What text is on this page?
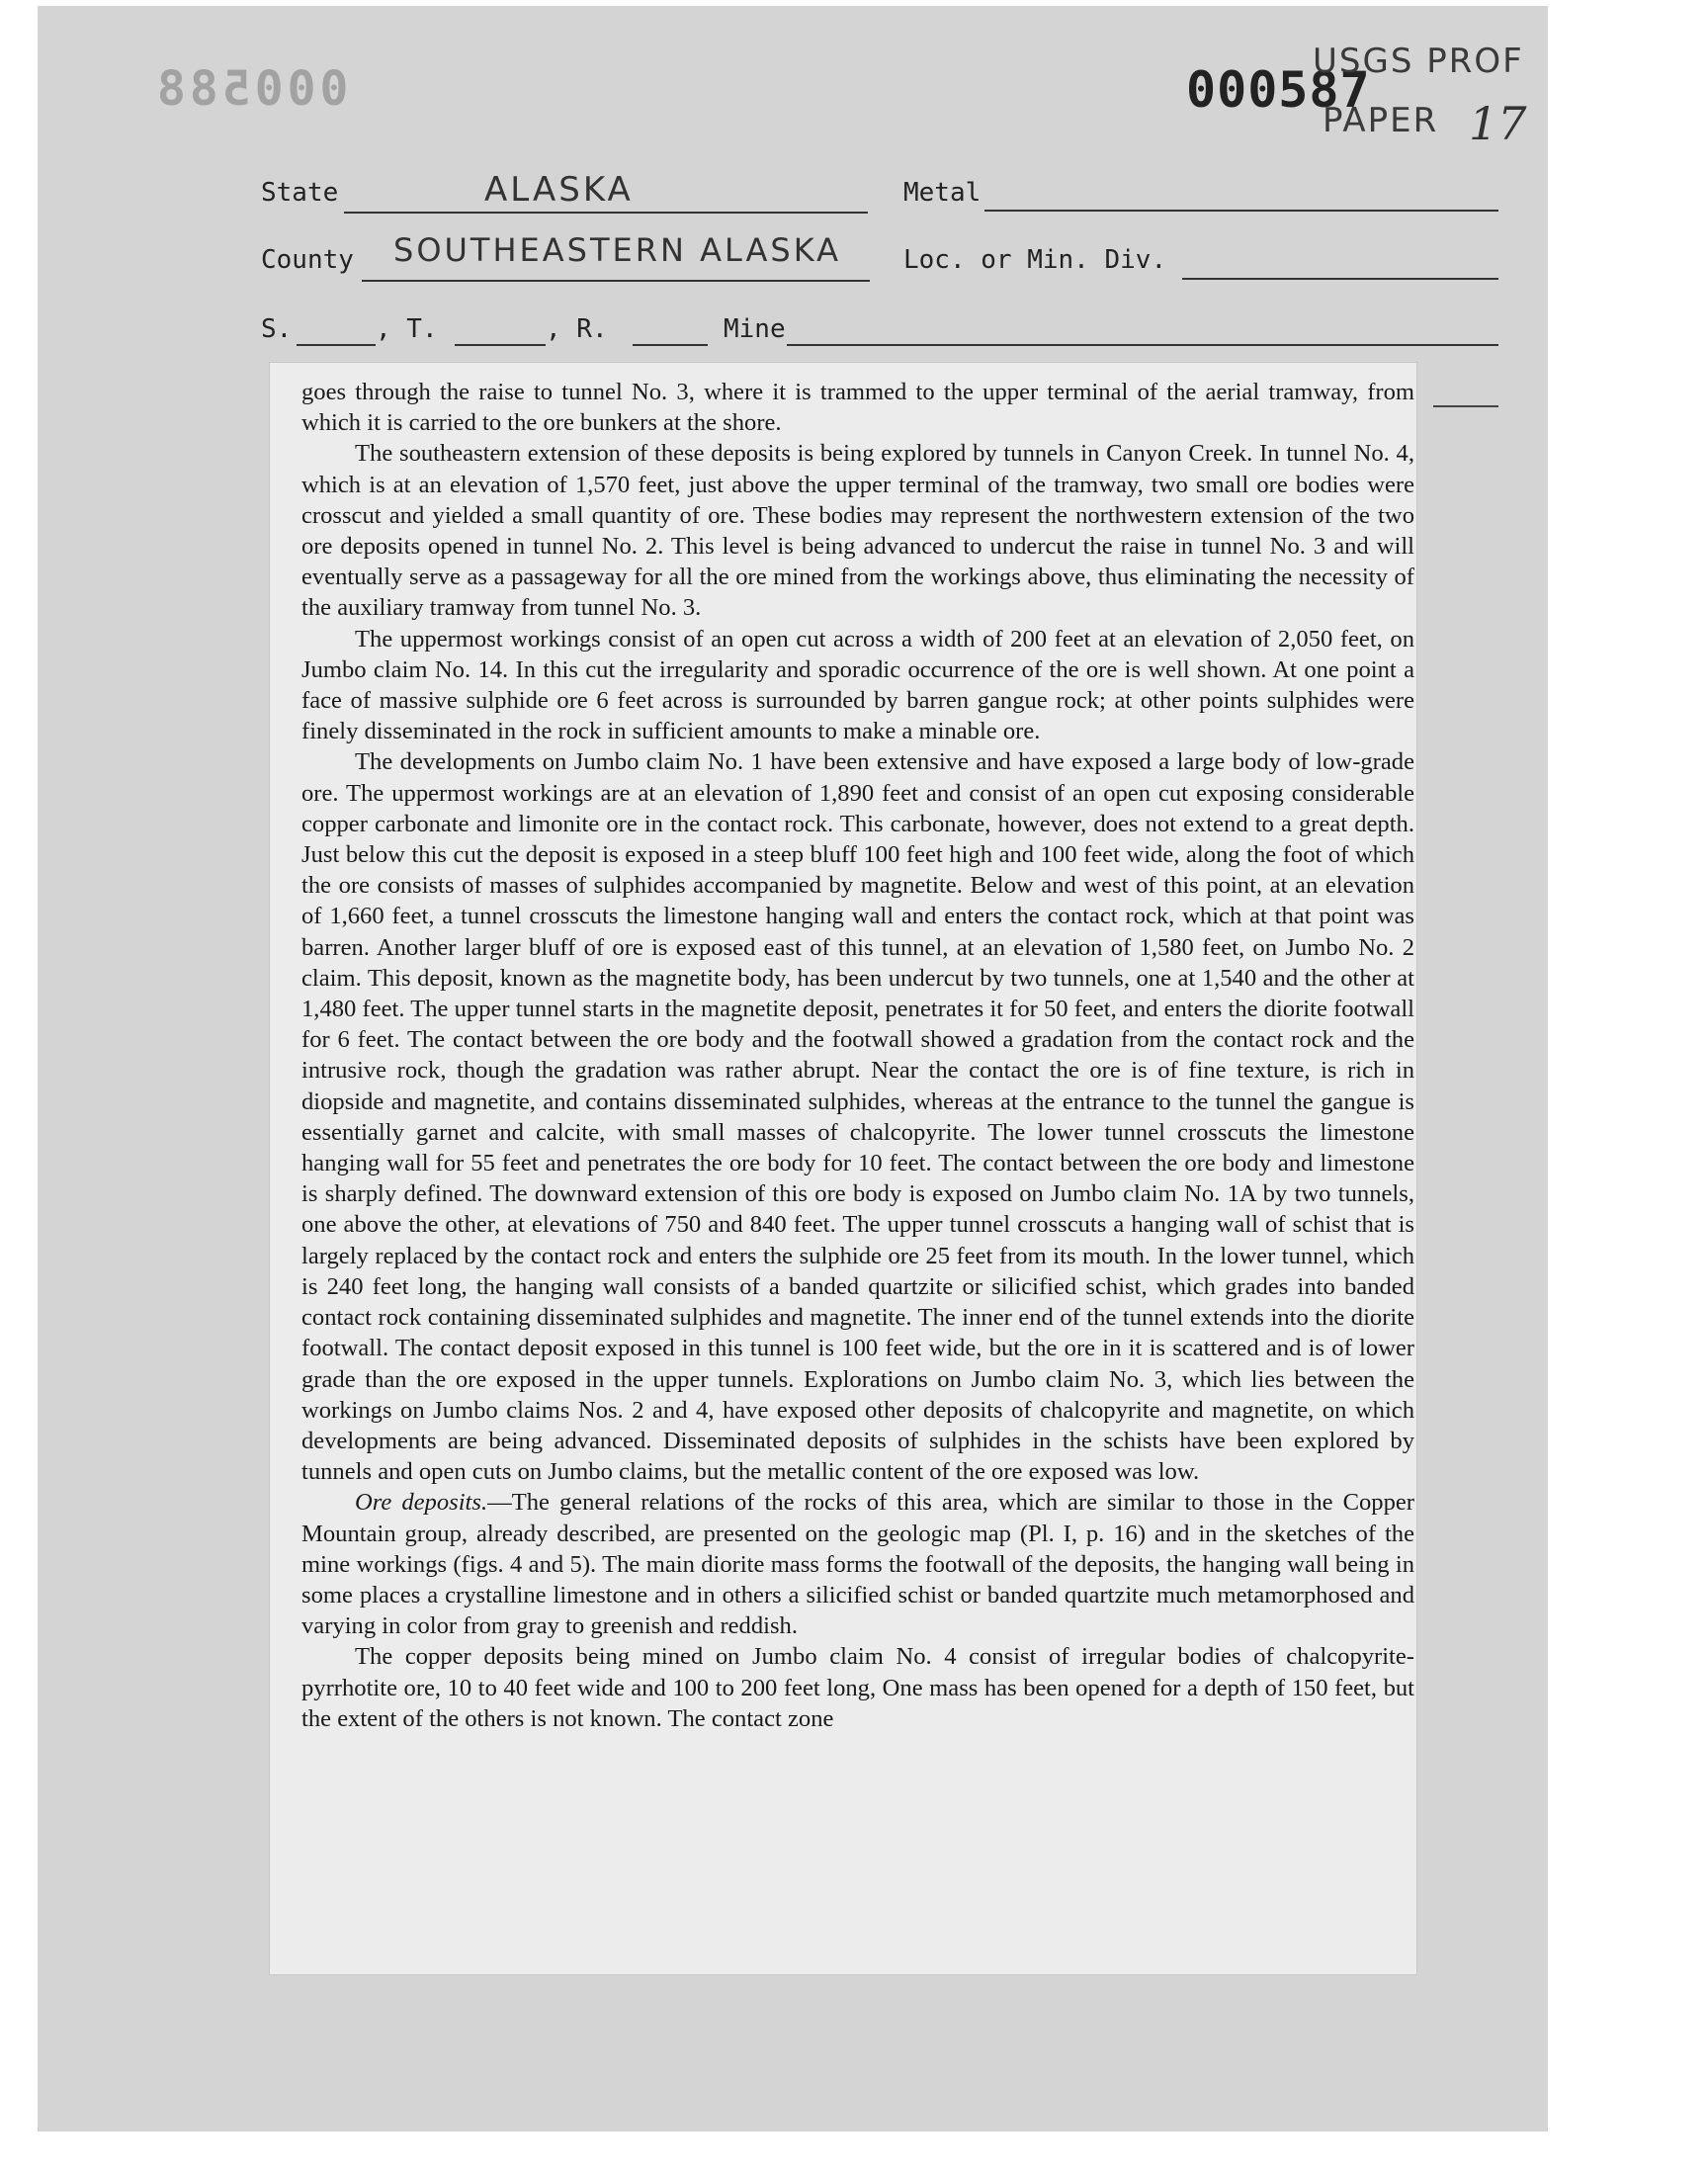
000588	000587
USGS PROF
PAPER 17
State	ALASKA	Metal
County SOUTHEASTERN ALASKA Loc. or Min. Div.
S.	, T.	, R.	Mine

goes through the raise to tunnel No. 3, where it is trammed to the upper terminal of the aerial tramway, from which it is carried to the ore bunkers at the shore.

The southeastern extension of these deposits is being explored by tunnels in Canyon Creek. In tunnel No. 4, which is at an elevation of 1,570 feet, just above the upper terminal of the tramway, two small ore bodies were crosscut and yielded a small quantity of ore. These bodies may represent the northwestern extension of the two ore deposits opened in tunnel No. 2. This level is being advanced to undercut the raise in tunnel No. 3 and will eventually serve as a passageway for all the ore mined from the workings above, thus eliminating the necessity of the auxiliary tramway from tunnel No. 3.

The uppermost workings consist of an open cut across a width of 200 feet at an elevation of 2,050 feet, on Jumbo claim No. 14. In this cut the irregularity and sporadic occurrence of the ore is well shown. At one point a face of massive sulphide ore 6 feet across is surrounded by barren gangue rock; at other points sulphides were finely disseminated in the rock in sufficient amounts to make a minable ore.

The developments on Jumbo claim No. 1 have been extensive and have exposed a large body of low-grade ore. The uppermost workings are at an elevation of 1,890 feet and consist of an open cut exposing considerable copper carbonate and limonite ore in the contact rock. This carbonate, however, does not extend to a great depth. Just below this cut the deposit is exposed in a steep bluff 100 feet high and 100 feet wide, along the foot of which the ore consists of masses of sulphides accompanied by magnetite. Below and west of this point, at an elevation of 1,660 feet, a tunnel crosscuts the limestone hanging wall and enters the contact rock, which at that point was barren. Another larger bluff of ore is exposed east of this tunnel, at an elevation of 1,580 feet, on Jumbo No. 2 claim. This deposit, known as the magnetite body, has been undercut by two tunnels, one at 1,540 and the other at 1,480 feet. The upper tunnel starts in the magnetite deposit, penetrates it for 50 feet, and enters the diorite footwall for 6 feet. The contact between the ore body and the footwall showed a gradation from the contact rock and the intrusive rock, though the gradation was rather abrupt. Near the contact the ore is of fine texture, is rich in diopside and magnetite, and contains disseminated sulphides, whereas at the entrance to the tunnel the gangue is essentially garnet and calcite, with small masses of chalcopyrite. The lower tunnel crosscuts the limestone hanging wall for 55 feet and penetrates the ore body for 10 feet. The contact between the ore body and limestone is sharply defined. The downward extension of this ore body is exposed on Jumbo claim No. 1A by two tunnels, one above the other, at elevations of 750 and 840 feet. The upper tunnel crosscuts a hanging wall of schist that is largely replaced by the contact rock and enters the sulphide ore 25 feet from its mouth. In the lower tunnel, which is 240 feet long, the hanging wall consists of a banded quartzite or silicified schist, which grades into banded contact rock containing disseminated sulphides and magnetite. The inner end of the tunnel extends into the diorite footwall. The contact deposit exposed in this tunnel is 100 feet wide, but the ore in it is scattered and is of lower grade than the ore exposed in the upper tunnels. Explorations on Jumbo claim No. 3, which lies between the workings on Jumbo claims Nos. 2 and 4, have exposed other deposits of chalcopyrite and magnetite, on which developments are being advanced. Disseminated deposits of sulphides in the schists have been explored by tunnels and open cuts on Jumbo claims, but the metallic content of the ore exposed was low.

Ore deposits.—The general relations of the rocks of this area, which are similar to those in the Copper Mountain group, already described, are presented on the geologic map (Pl. I, p. 16) and in the sketches of the mine workings (figs. 4 and 5). The main diorite mass forms the footwall of the deposits, the hanging wall being in some places a crystalline limestone and in others a silicified schist or banded quartzite much metamorphosed and varying in color from gray to greenish and reddish.

The copper deposits being mined on Jumbo claim No. 4 consist of irregular bodies of chalcopyrite-pyrrhotite ore, 10 to 40 feet wide and 100 to 200 feet long, One mass has been opened for a depth of 150 feet, but the extent of the others is not known. The contact zone
